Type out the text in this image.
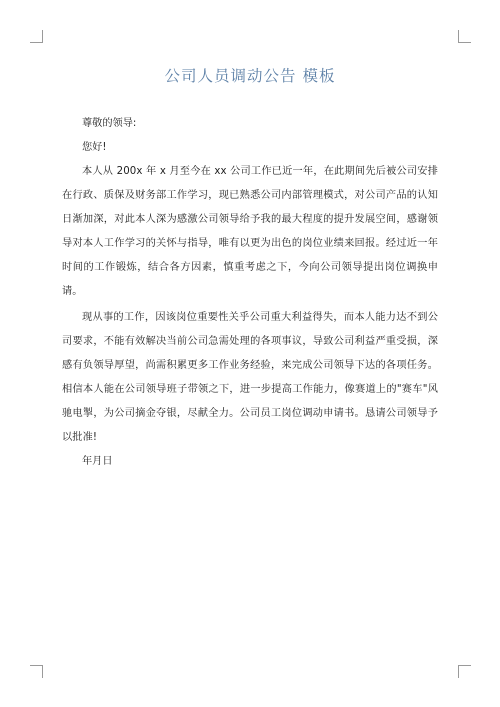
公司人员调动公告 模板

尊敬的领导:

您好!

本人从 200x 年 x 月至今在 xx 公司工作已近一年，在此期间先后被公司安排在行政、质保及财务部工作学习，现已熟悉公司内部管理模式，对公司产品的认知日渐加深，对此本人深为感激公司领导给予我的最大程度的提升发展空间，感谢领导对本人工作学习的关怀与指导，唯有以更为出色的岗位业绩来回报。经过近一年时间的工作锻炼，结合各方因素，慎重考虑之下，今向公司领导提出岗位调换申请。

现从事的工作，因该岗位重要性关乎公司重大利益得失，而本人能力达不到公司要求，不能有效解决当前公司急需处理的各项事议，导致公司利益严重受损，深感有负领导厚望，尚需积累更多工作业务经验，来完成公司领导下达的各项任务。相信本人能在公司领导班子带领之下，进一步提高工作能力，像赛道上的"赛车"风驰电掣，为公司摘金夺银，尽献全力。公司员工岗位调动申请书。恳请公司领导予以批准!

年月日
